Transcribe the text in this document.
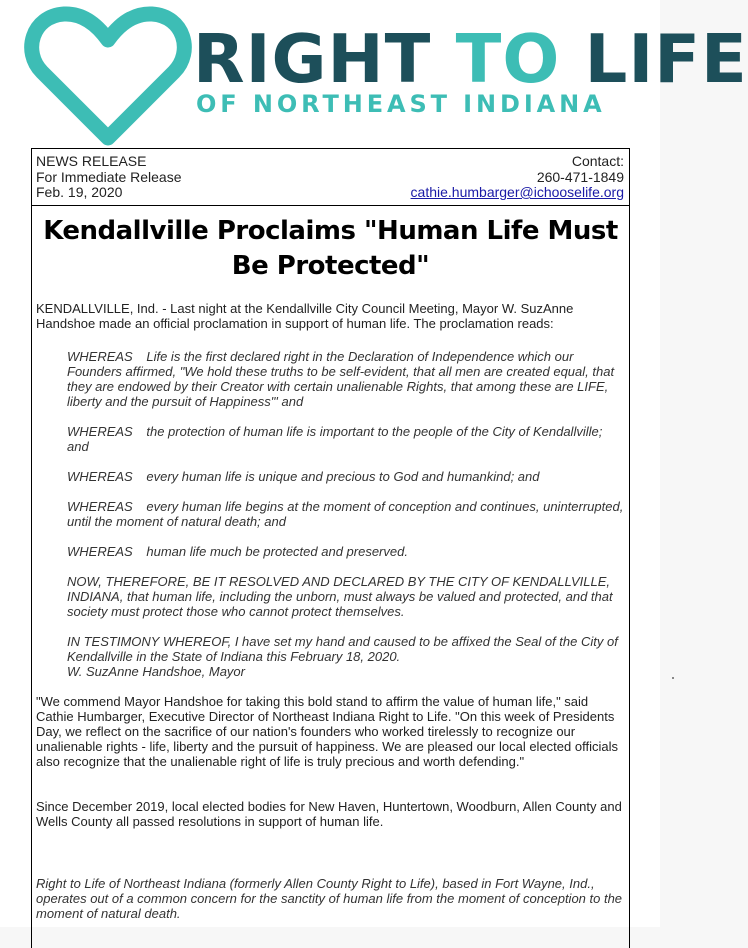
RIGHT TO LIFE
OF NORTHEAST INDIANA
NEWS RELEASE
For Immediate Release
Feb. 19, 2020
Contact:
260-471-1849
cathie.humbarger@ichooselife.org
Kendallville Proclaims "Human Life Must Be Protected"
KENDALLVILLE, Ind. - Last night at the Kendallville City Council Meeting, Mayor W. SuzAnne Handshoe made an official proclamation in support of human life. The proclamation reads:
WHEREAS Life is the first declared right in the Declaration of Independence which our Founders affirmed, "We hold these truths to be self-evident, that all men are created equal, that they are endowed by their Creator with certain unalienable Rights, that among these are LIFE, liberty and the pursuit of Happiness"' and
WHEREAS the protection of human life is important to the people of the City of Kendallville; and
WHEREAS every human life is unique and precious to God and humankind; and
WHEREAS every human life begins at the moment of conception and continues, uninterrupted, until the moment of natural death; and
WHEREAS human life much be protected and preserved.
NOW, THEREFORE, BE IT RESOLVED AND DECLARED BY THE CITY OF KENDALLVILLE, INDIANA, that human life, including the unborn, must always be valued and protected, and that society must protect those who cannot protect themselves.
IN TESTIMONY WHEREOF, I have set my hand and caused to be affixed the Seal of the City of Kendallville in the State of Indiana this February 18, 2020.
W. SuzAnne Handshoe, Mayor
"We commend Mayor Handshoe for taking this bold stand to affirm the value of human life," said Cathie Humbarger, Executive Director of Northeast Indiana Right to Life. "On this week of Presidents Day, we reflect on the sacrifice of our nation's founders who worked tirelessly to recognize our unalienable rights - life, liberty and the pursuit of happiness. We are pleased our local elected officials also recognize that the unalienable right of life is truly precious and worth defending."
Since December 2019, local elected bodies for New Haven, Huntertown, Woodburn, Allen County and Wells County all passed resolutions in support of human life.
Right to Life of Northeast Indiana (formerly Allen County Right to Life), based in Fort Wayne, Ind., operates out of a common concern for the sanctity of human life from the moment of conception to the moment of natural death.
